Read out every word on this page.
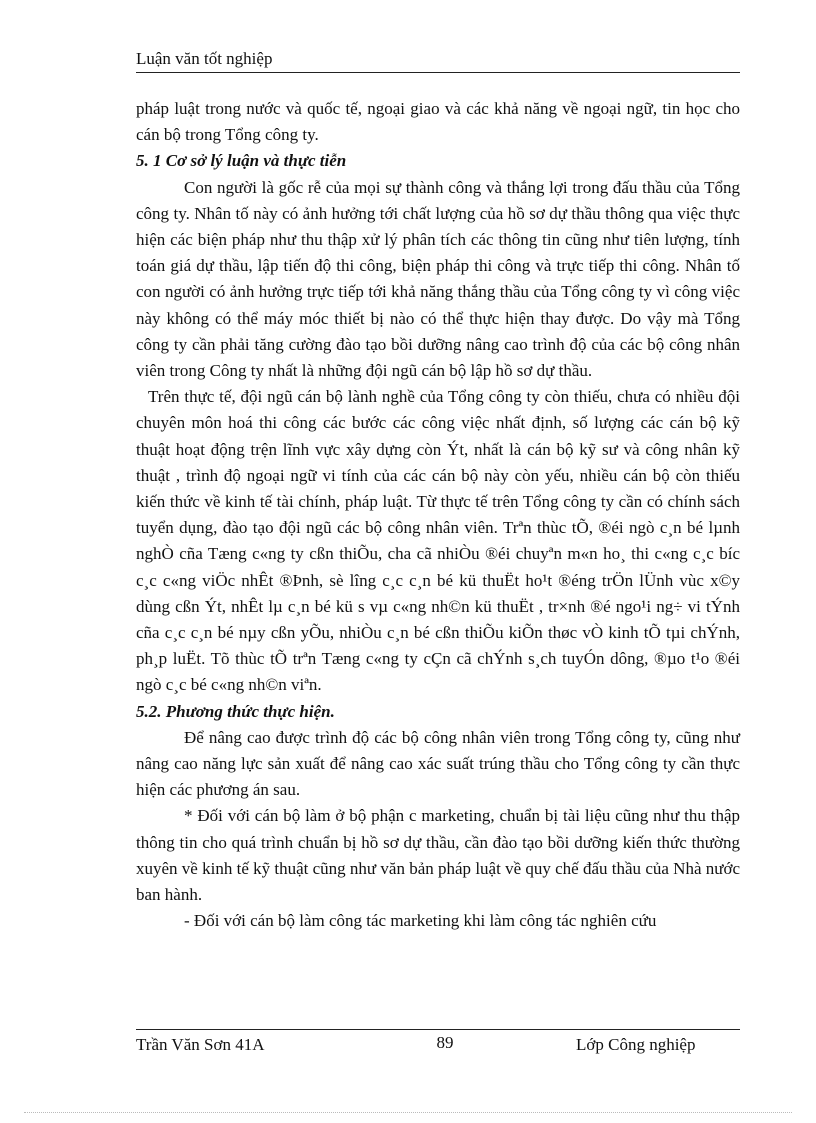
Luận văn tốt nghiệp

pháp luật trong nước và quốc tế, ngoại giao và các khả năng về ngoại ngữ, tin học cho cán bộ trong Tổng công ty.

5. 1 Cơ sở lý luận và thực tiễn

Con người là gốc rễ của mọi sự thành công và thắng lợi trong đấu thầu của Tổng công ty. Nhân tố này có ảnh hưởng tới chất lượng của hồ sơ dự thầu thông qua việc thực hiện các biện pháp như thu thập xử lý phân tích các thông tin cũng như tiên lượng, tính toán giá dự thầu, lập tiến độ thi công, biện pháp thi công và trực tiếp thi công. Nhân tố con người có ảnh hưởng trực tiếp tới khả năng thắng thầu của Tổng công ty vì công việc này không có thể máy móc thiết bị nào có thể thực hiện thay được. Do vậy mà Tổng công ty cần phải tăng cường đào tạo bồi dưỡng nâng cao trình độ của các bộ công nhân viên trong Công ty nhất là những đội ngũ cán bộ lập hồ sơ dự thầu.

Trên thực tế, đội ngũ cán bộ lành nghề của Tổng công ty còn thiếu, chưa có nhiều đội chuyên môn hoá thi công các bước các công việc nhất định, số lượng các cán bộ kỹ thuật hoạt động trện lĩnh vực xây dựng còn Ýt, nhất là cán bộ kỹ sư và công nhân kỹ thuật , trình độ ngoại ngữ vi tính của các cán bộ này còn yếu, nhiều cán bộ còn thiếu kiến thức về kinh tế tài chính, pháp luật. Từ thực tế trên Tổng công ty cần có chính sách tuyển dụng, đào tạo đội ngũ các bộ công nhân viên. Trªn thùc tÕ, ®éi ngò c¸n bé lµnh nghÒ cña Tæng c«ng ty cßn thiÕu, cha cã nhiÒu ®éi chuyªn m«n ho¸ thi c«ng c¸c bíc c¸c c«ng viÖc nhÊt ®Þnh, sè lîng c¸c c¸n bé kü thuËt ho¹t ®éng trÖn lÜnh vùc x©y dùng cßn Ýt, nhÊt lµ c¸n bé kü s vµ c«ng nh©n kü thuËt , tr×nh ®é ngo¹i ng÷ vi tÝnh cña c¸c c¸n bé nµy cßn yÕu, nhiÒu c¸n bé cßn thiÕu kiÕn thøc vÒ kinh tÕ tµi chÝnh, ph¸p luËt. Tõ thùc tÕ trªn Tæng c«ng ty cÇn cã chÝnh s¸ch tuyÓn dông, ®µo t¹o ®éi ngò c¸c bé c«ng nh©n viªn.

5.2. Phương thức thực hiện.

Để nâng cao được trình độ các bộ công nhân viên trong Tổng công ty, cũng như nâng cao năng lực sản xuất để nâng cao xác suất trúng thầu cho Tổng công ty cần thực hiện các phương án sau.

* Đối với cán bộ làm ở bộ phận c marketing, chuẩn bị tài liệu cũng như thu thập thông tin cho quá trình chuẩn bị hồ sơ dự thầu, cần đào tạo bồi dưỡng kiến thức thường xuyên về kinh tế kỹ thuật cũng như văn bản pháp luật về quy chế đấu thầu của Nhà nước ban hành.

- Đối với cán bộ làm công tác marketing khi làm công tác nghiên cứu

Trần Văn Sơn 41A	89	Lớp Công nghiệp
